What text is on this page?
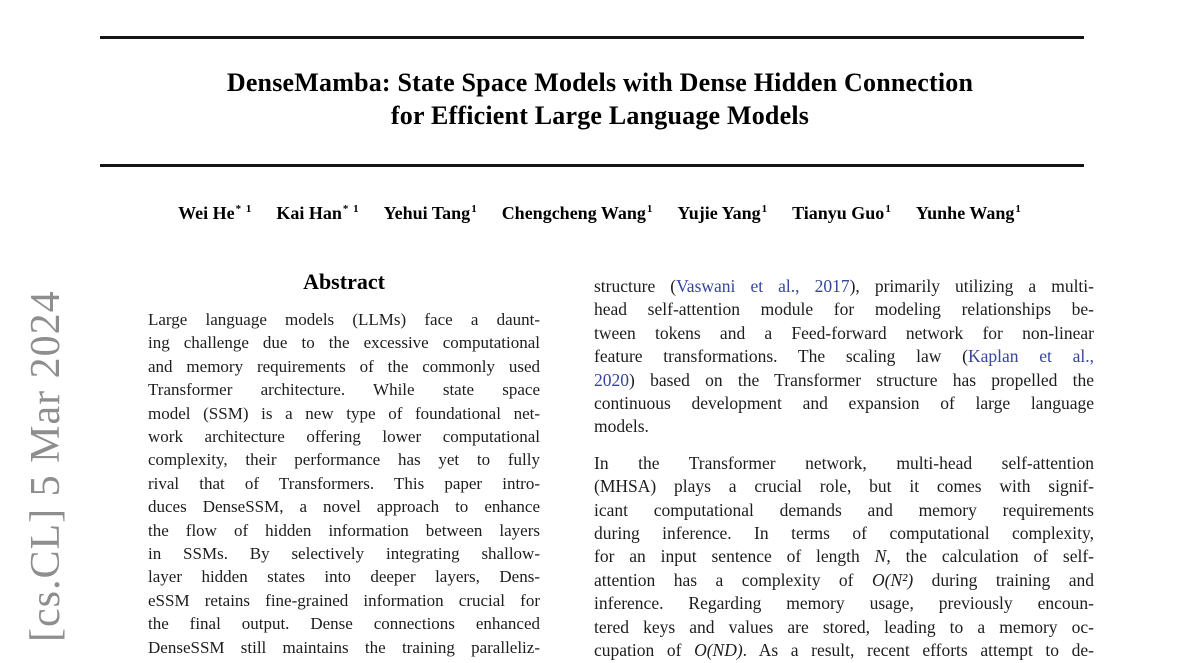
[cs.CL] 5 Mar 2024
DenseMamba: State Space Models with Dense Hidden Connection
for Efficient Large Language Models
Wei He$^{* 1}$ Kai Han$^{* 1}$ Yehui Tang$^1$ Chengcheng Wang$^1$ Yujie Yang$^1$ Tianyu Guo$^1$ Yunhe Wang$^1$
Abstract
Large language models (LLMs) face a daunt-
ing challenge due to the excessive computational
and memory requirements of the commonly used
Transformer architecture. While state space
model (SSM) is a new type of foundational net-
work architecture offering lower computational
complexity, their performance has yet to fully
rival that of Transformers. This paper intro-
duces DenseSSM, a novel approach to enhance
the flow of hidden information between layers
in SSMs. By selectively integrating shallow-
layer hidden states into deeper layers, Dens-
eSSM retains fine-grained information crucial for
the final output. Dense connections enhanced
DenseSSM still maintains the training paralleliz-
structure (Vaswani et al., 2017), primarily utilizing a multi-
head self-attention module for modeling relationships be-
tween tokens and a Feed-forward network for non-linear
feature transformations. The scaling law (Kaplan et al.,
2020) based on the Transformer structure has propelled the
continuous development and expansion of large language
models.
In the Transformer network, multi-head self-attention
(MHSA) plays a crucial role, but it comes with signif-
icant computational demands and memory requirements
during inference. In terms of computational complexity,
for an input sentence of length N, the calculation of self-
attention has a complexity of O(N²) during training and
inference. Regarding memory usage, previously encoun-
tered keys and values are stored, leading to a memory oc-
cupation of O(ND). As a result, recent efforts attempt to de-
